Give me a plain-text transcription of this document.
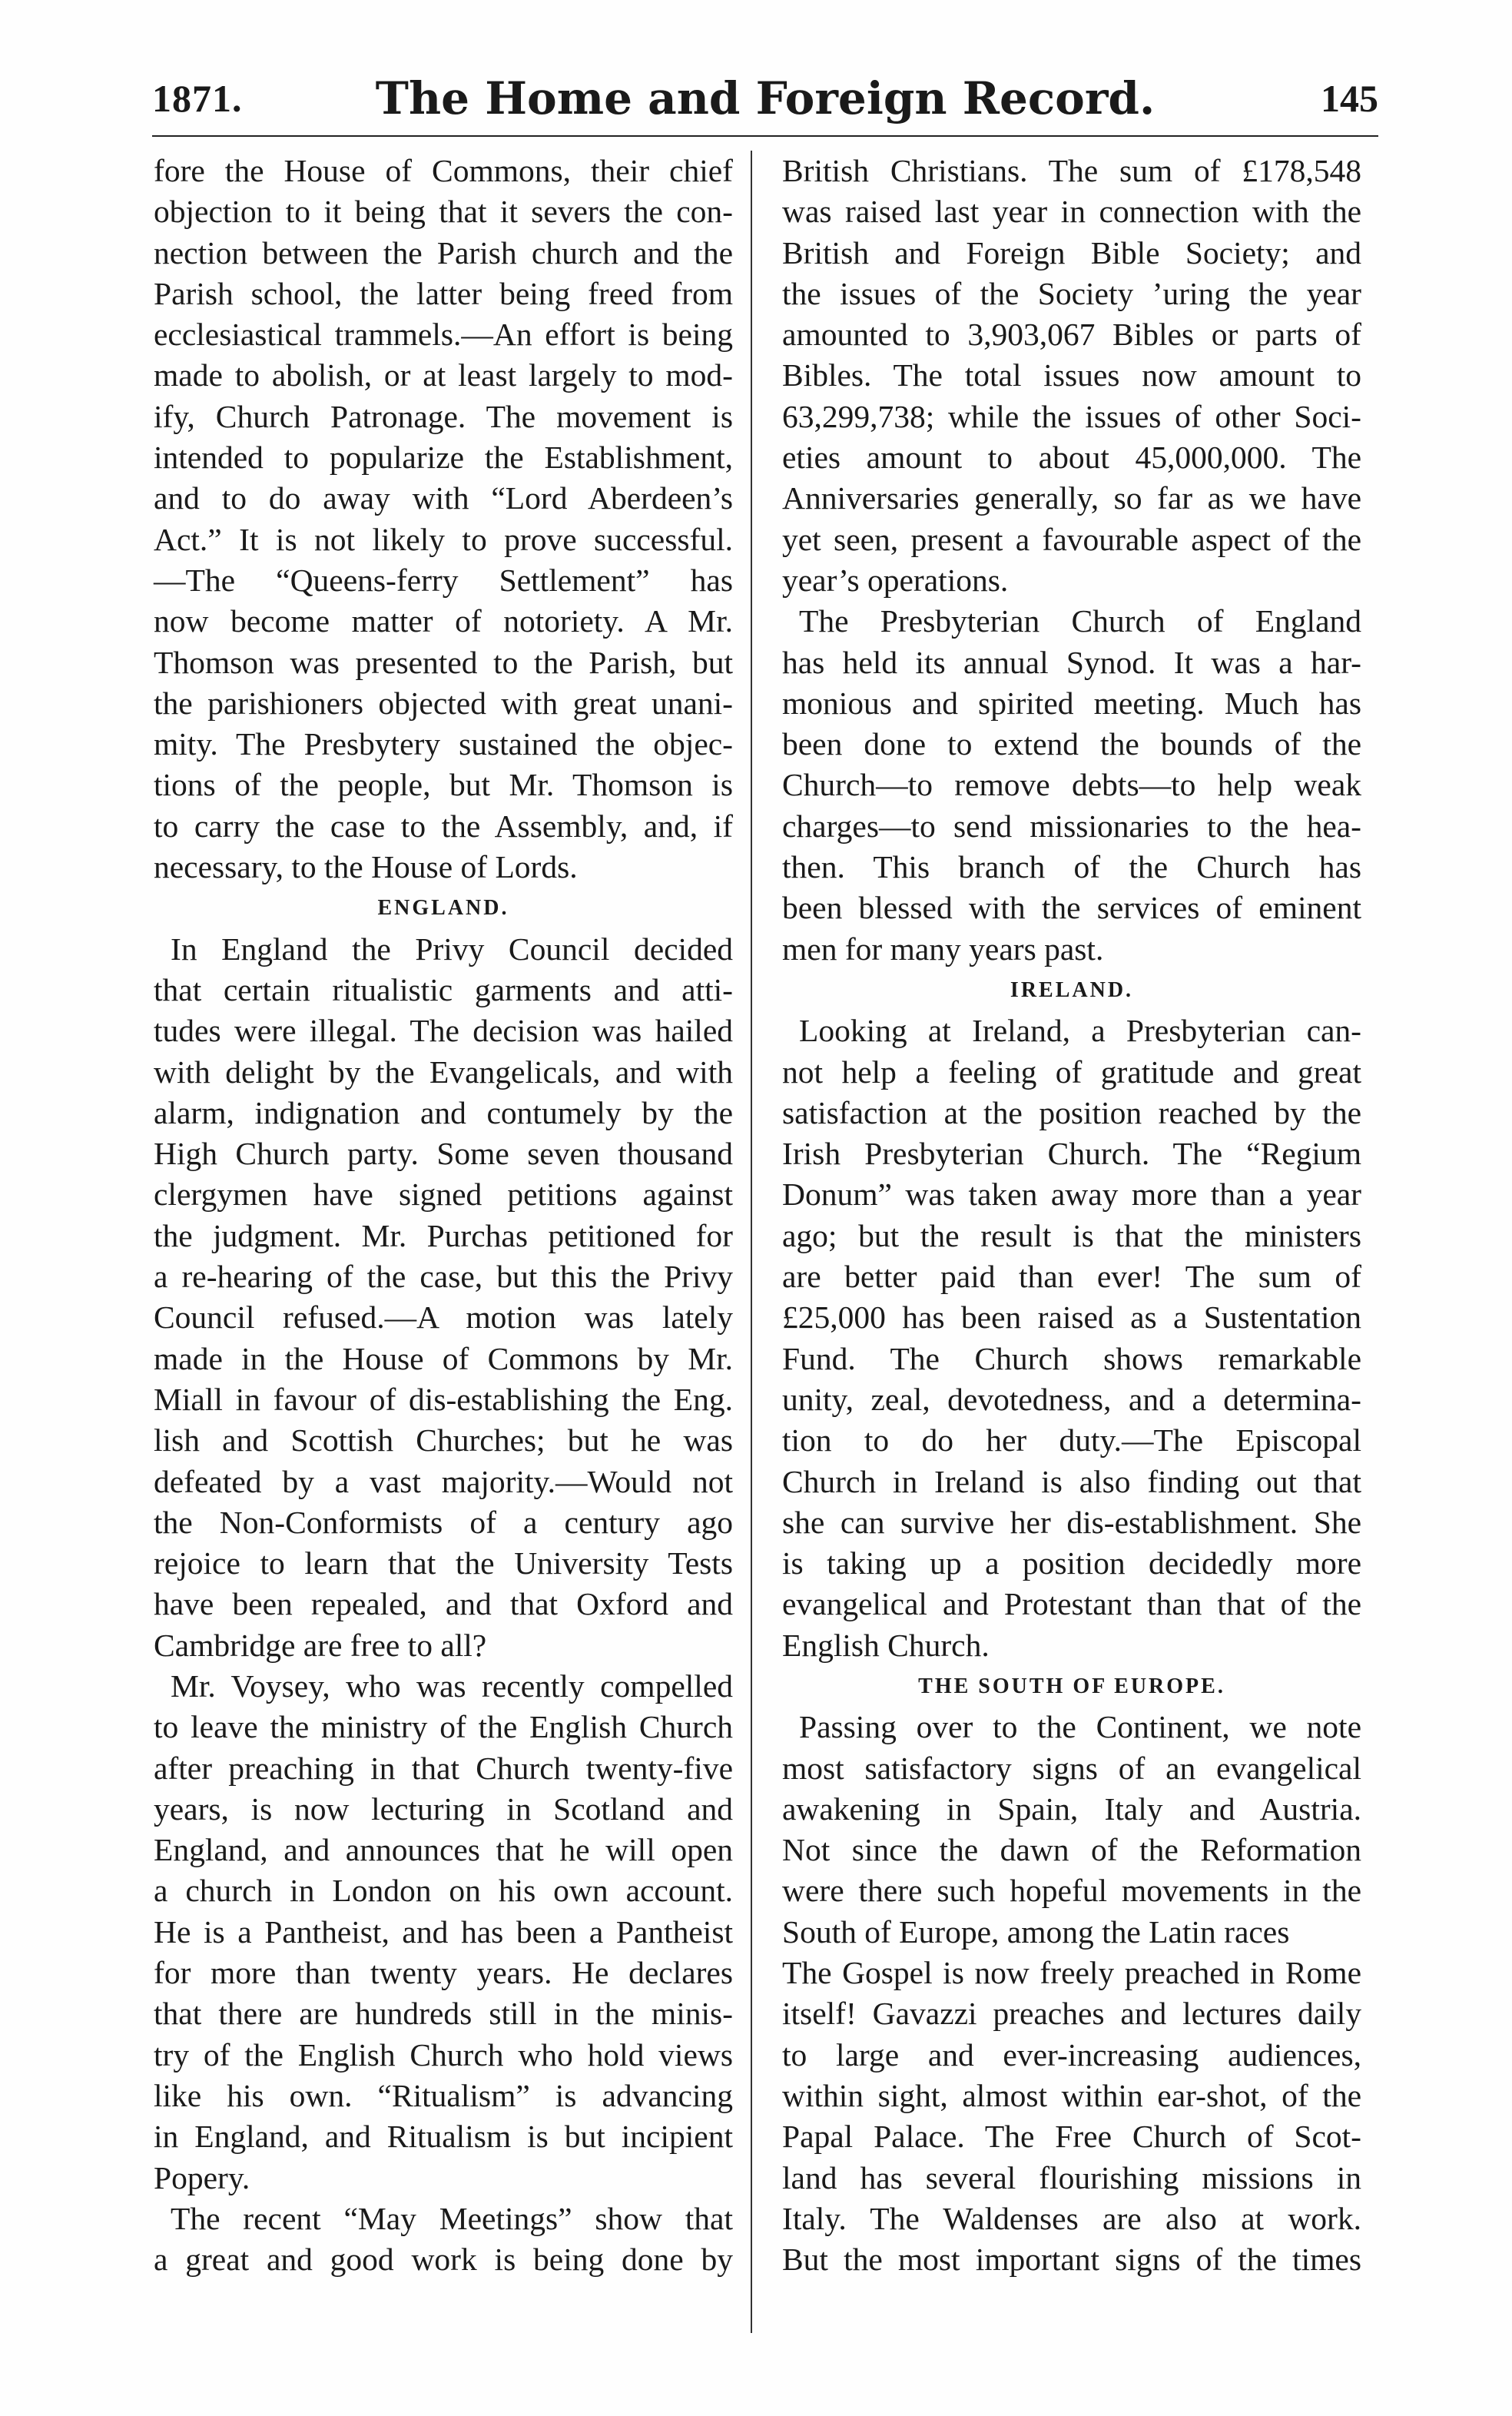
1871.	The Home and Foreign Record.	145
fore the House of Commons, their chief
objection to it being that it severs the con-
nection between the Parish church and the
Parish school, the latter being freed from
ecclesiastical trammels.—An effort is being
made to abolish, or at least largely to mod-
ify, Church Patronage. The movement is
intended to popularize the Establishment,
and to do away with “Lord Aberdeen’s
Act.” It is not likely to prove successful.
—The “Queens-ferry Settlement” has
now become matter of notoriety. A Mr.
Thomson was presented to the Parish, but
the parishioners objected with great unani-
mity. The Presbytery sustained the objec-
tions of the people, but Mr. Thomson is
to carry the case to the Assembly, and, if
necessary, to the House of Lords.
ENGLAND.
In England the Privy Council decided
that certain ritualistic garments and atti-
tudes were illegal. The decision was hailed
with delight by the Evangelicals, and with
alarm, indignation and contumely by the
High Church party. Some seven thousand
clergymen have signed petitions against
the judgment. Mr. Purchas petitioned for
a re-hearing of the case, but this the Privy
Council refused.—A motion was lately
made in the House of Commons by Mr.
Miall in favour of dis-establishing the Eng.
lish and Scottish Churches; but he was
defeated by a vast majority.—Would not
the Non-Conformists of a century ago
rejoice to learn that the University Tests
have been repealed, and that Oxford and
Cambridge are free to all?
Mr. Voysey, who was recently compelled
to leave the ministry of the English Church
after preaching in that Church twenty-five
years, is now lecturing in Scotland and
England, and announces that he will open
a church in London on his own account.
He is a Pantheist, and has been a Pantheist
for more than twenty years. He declares
that there are hundreds still in the minis-
try of the English Church who hold views
like his own. “Ritualism” is advancing
in England, and Ritualism is but incipient
Popery.
The recent “May Meetings” show that
a great and good work is being done by
British Christians. The sum of £178,548
was raised last year in connection with the
British and Foreign Bible Society; and
the issues of the Society ’uring the year
amounted to 3,903,067 Bibles or parts of
Bibles. The total issues now amount to
63,299,738; while the issues of other Soci-
eties amount to about 45,000,000. The
Anniversaries generally, so far as we have
yet seen, present a favourable aspect of the
year’s operations.
The Presbyterian Church of England
has held its annual Synod. It was a har-
monious and spirited meeting. Much has
been done to extend the bounds of the
Church—to remove debts—to help weak
charges—to send missionaries to the hea-
then. This branch of the Church has
been blessed with the services of eminent
men for many years past.
IRELAND.
Looking at Ireland, a Presbyterian can-
not help a feeling of gratitude and great
satisfaction at the position reached by the
Irish Presbyterian Church. The “Regium
Donum” was taken away more than a year
ago; but the result is that the ministers
are better paid than ever! The sum of
£25,000 has been raised as a Sustentation
Fund. The Church shows remarkable
unity, zeal, devotedness, and a determina-
tion to do her duty.—The Episcopal
Church in Ireland is also finding out that
she can survive her dis-establishment. She
is taking up a position decidedly more
evangelical and Protestant than that of the
English Church.
THE SOUTH OF EUROPE.
Passing over to the Continent, we note
most satisfactory signs of an evangelical
awakening in Spain, Italy and Austria.
Not since the dawn of the Reformation
were there such hopeful movements in the
South of Europe, among the Latin races
The Gospel is now freely preached in Rome
itself! Gavazzi preaches and lectures daily
to large and ever-increasing audiences,
within sight, almost within ear-shot, of the
Papal Palace. The Free Church of Scot-
land has several flourishing missions in
Italy. The Waldenses are also at work.
But the most important signs of the times
